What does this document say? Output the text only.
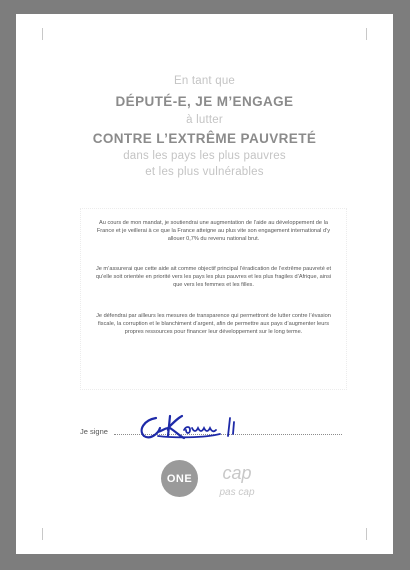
En tant que
DÉPUTÉ-E, JE M’ENGAGE
à lutter
CONTRE L’EXTRÊME PAUVRETÉ
dans les pays les plus pauvres
et les plus vulnérables
Au cours de mon mandat, je soutiendrai une augmentation de l’aide au développement de la France et je veillerai à ce que la France atteigne au plus vite son engagement international d’y allouer 0,7% du revenu national brut.
Je m’assurerai que cette aide ait comme objectif principal l’éradication de l’extrême pauvreté et qu’elle soit orientée en priorité vers les pays les plus pauvres et les plus fragiles d’Afrique, ainsi que vers les femmes et les filles.
Je défendrai par ailleurs les mesures de transparence qui permettront de lutter contre l’évasion fiscale, la corruption et le blanchiment d’argent, afin de permettre aux pays d’augmenter leurs propres ressources pour financer leur développement sur le long terme.
Je signe
ONE	cap
pas cap
